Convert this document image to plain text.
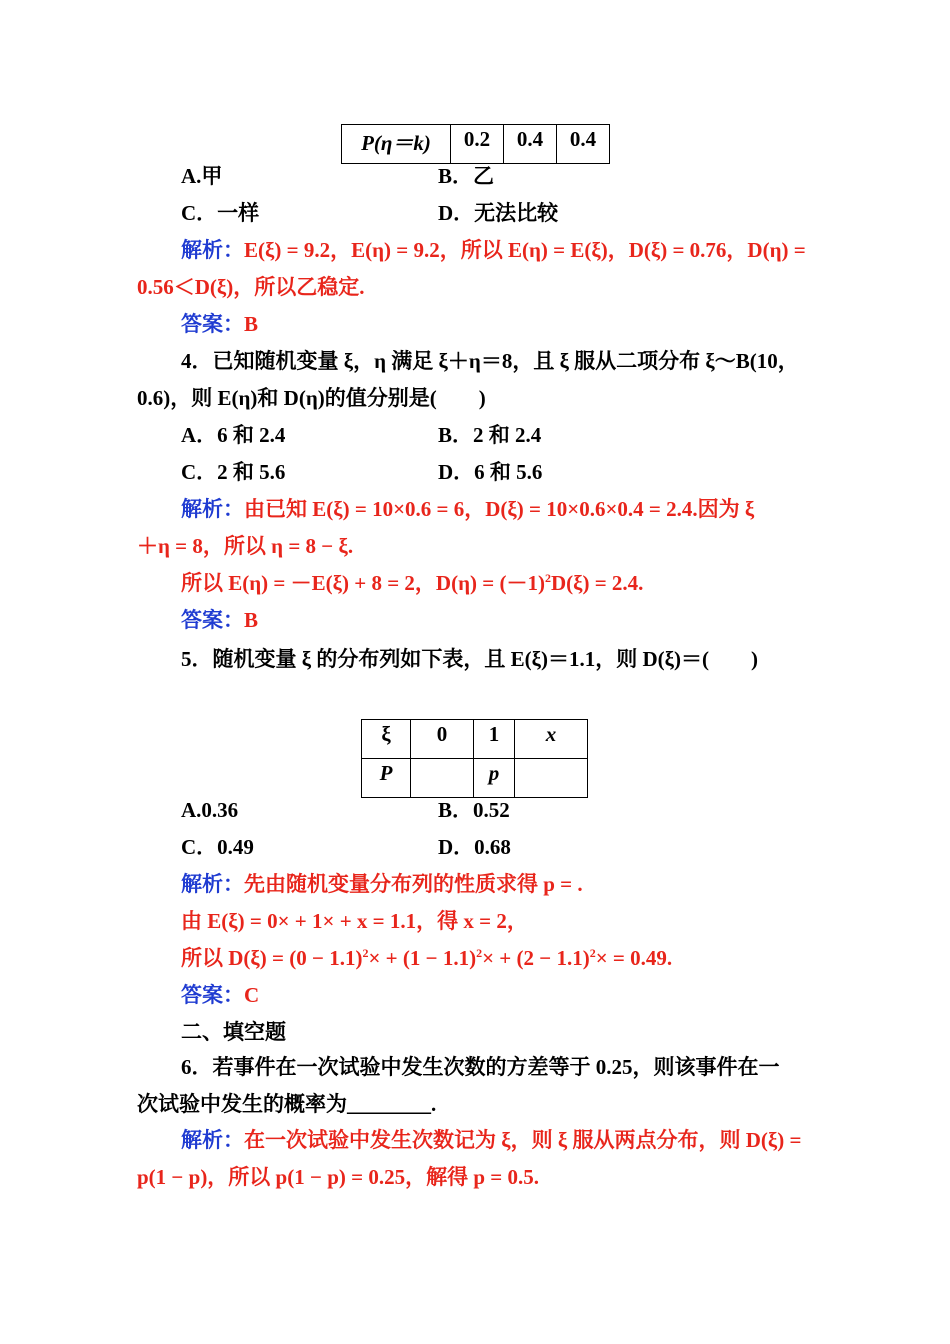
P(η＝k)	0.2	0.4	0.4
A.甲	B．乙
C．一样	D．无法比较
解析：E(ξ) = 9.2，E(η) = 9.2，所以 E(η) = E(ξ)，D(ξ) = 0.76，D(η) =
0.56＜D(ξ)，所以乙稳定.
答案：B
4．已知随机变量 ξ，η 满足 ξ＋η＝8，且 ξ 服从二项分布 ξ～B(10，
0.6)，则 E(η)和 D(η)的值分别是(　　)
A．6 和 2.4	B．2 和 2.4
C．2 和 5.6	D．6 和 5.6
解析：由已知 E(ξ) = 10×0.6 = 6，D(ξ) = 10×0.6×0.4 = 2.4.因为 ξ
＋η = 8，所以 η = 8 − ξ.
所以 E(η) = －E(ξ) + 8 = 2，$D(\eta) = (-1)^2D(\xi) = 2.4$.
答案：B
5．随机变量 ξ 的分布列如下表，且 E(ξ)＝1.1，则 D(ξ)＝(　　)
ξ	0	1	x
P		p	
A.0.36	B．0.52
C．0.49	D．0.68
解析：先由随机变量分布列的性质求得 p = .
由 E(ξ) = 0× + 1× + x = 1.1，得 x = 2，
所以 $D(\xi) = (0 - 1.1)^2\times + (1 - 1.1)^2\times + (2 - 1.1)^2\times = 0.49$.
答案：C
二、填空题
6．若事件在一次试验中发生次数的方差等于 0.25，则该事件在一
次试验中发生的概率为________.
解析：在一次试验中发生次数记为 ξ，则 ξ 服从两点分布，则 D(ξ) =
p(1 − p)，所以 p(1 − p) = 0.25，解得 p = 0.5.
